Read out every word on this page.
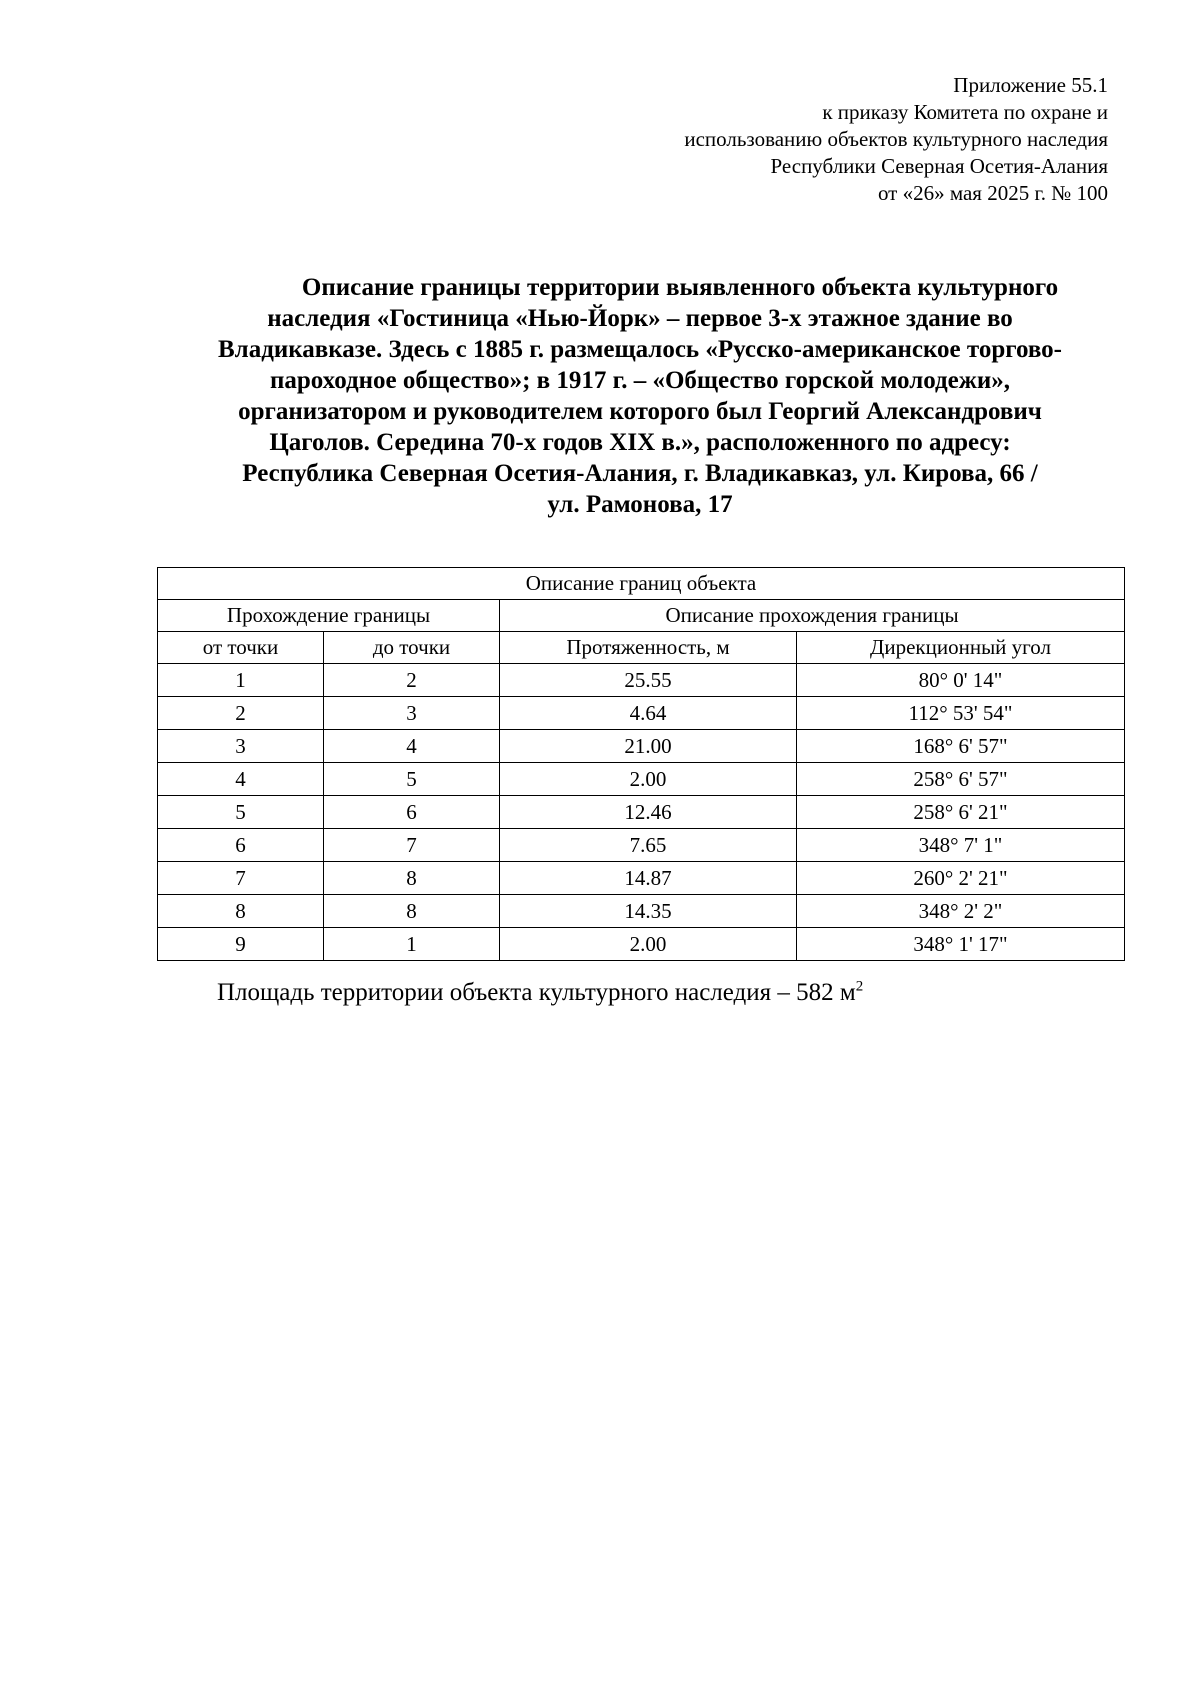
Приложение 55.1
к приказу Комитета по охране и
использованию объектов культурного наследия
Республики Северная Осетия-Алания
от «26» мая 2025 г. № 100
Описание границы территории выявленного объекта культурного
наследия «Гостиница «Нью-Йорк» – первое 3-х этажное здание во
Владикавказе. Здесь с 1885 г. размещалось «Русско-американское торгово-
пароходное общество»; в 1917 г. – «Общество горской молодежи»,
организатором и руководителем которого был Георгий Александрович
Цаголов. Середина 70-х годов XIX в.», расположенного по адресу:
Республика Северная Осетия-Алания, г. Владикавказ, ул. Кирова, 66 /
ул. Рамонова, 17
Описание границ объекта			
Прохождение границы		Описание прохождения границы	
от точки	до точки	Протяженность, м	Дирекционный угол
1	2	25.55	80° 0' 14"
2	3	4.64	112° 53' 54"
3	4	21.00	168° 6' 57"
4	5	2.00	258° 6' 57"
5	6	12.46	258° 6' 21"
6	7	7.65	348° 7' 1"
7	8	14.87	260° 2' 21"
8	8	14.35	348° 2' 2"
9	1	2.00	348° 1' 17"
Площадь территории объекта культурного наследия – 582 $м^2$
